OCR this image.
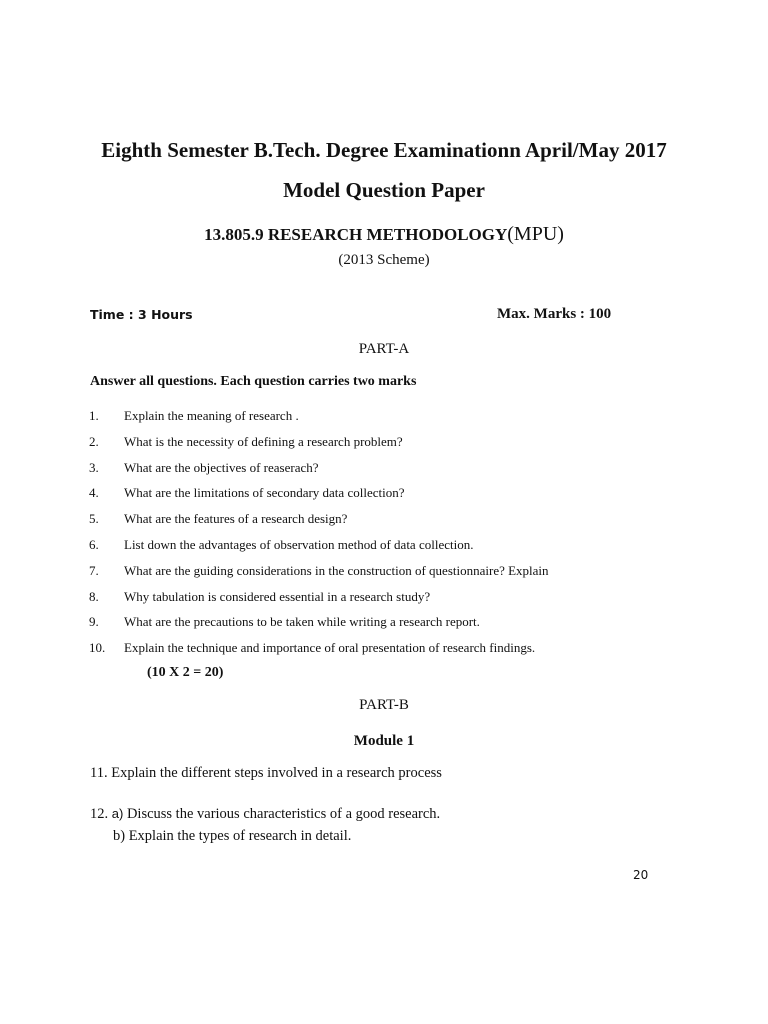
Eighth Semester B.Tech. Degree Examinationn April/May 2017
Model Question Paper
13.805.9 RESEARCH METHODOLOGY(MPU)
(2013 Scheme)
Time : 3 Hours	Max. Marks : 100
PART-A
Answer all questions. Each question carries two marks
1. Explain the meaning of research .
2. What is the necessity of defining a research problem?
3. What are the objectives of reaserach?
4. What are the limitations of secondary data collection?
5. What are the features of a research design?
6. List down the advantages of observation method of data collection.
7. What are the guiding considerations in the construction of questionnaire? Explain
8. Why tabulation is considered essential in a research study?
9. What are the precautions to be taken while writing a research report.
10. Explain the technique and importance of oral presentation of research findings.
(10 X 2 = 20)
PART-B
Module 1
11. Explain the different steps involved in a research process
12. a) Discuss the various characteristics of a good research.
b) Explain the types of research in detail.
20
